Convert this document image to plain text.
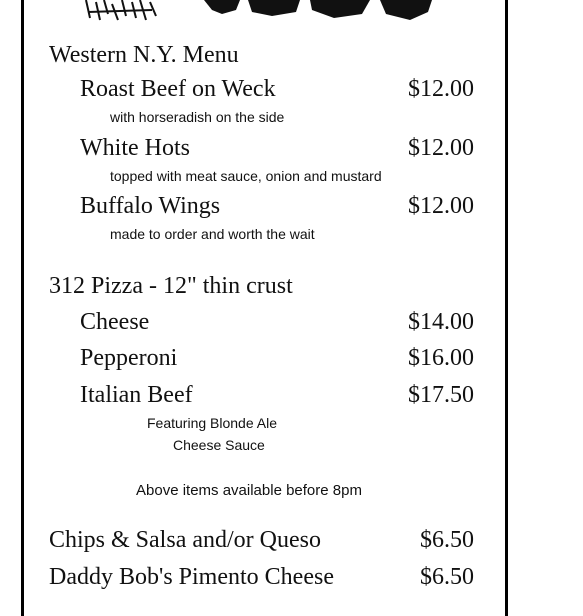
Western N.Y. Menu
Roast Beef on Weck	$12.00
with horseradish on the side
White Hots	$12.00
topped with meat sauce, onion and mustard
Buffalo Wings	$12.00
made to order and worth the wait
312 Pizza - 12" thin crust
Cheese	$14.00
Pepperoni	$16.00
Italian Beef	$17.50
Featuring Blonde Ale
Cheese Sauce
Above items available before 8pm
Chips & Salsa and/or Queso	$6.50
Daddy Bob's Pimento Cheese	$6.50
